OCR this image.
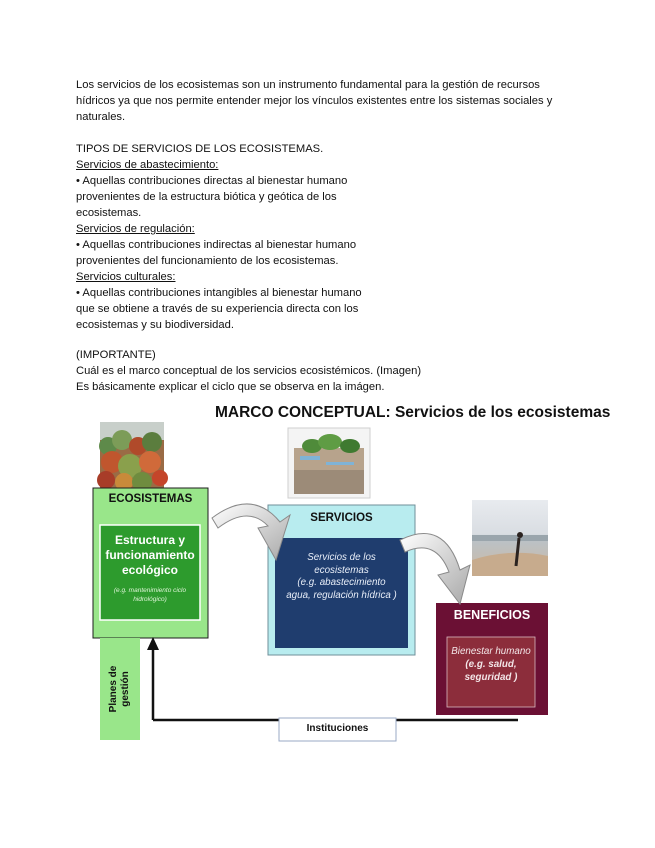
Los servicios de los ecosistemas son un instrumento fundamental para la gestión de recursos
hídricos ya que nos permite entender mejor los vínculos existentes entre los sistemas sociales y
naturales.
TIPOS DE SERVICIOS DE LOS ECOSISTEMAS.
Servicios de abastecimiento:
• Aquellas contribuciones directas al bienestar humano
provenientes de la estructura biótica y geótica de los
ecosistemas.
Servicios de regulación:
• Aquellas contribuciones indirectas al bienestar humano
provenientes del funcionamiento de los ecosistemas.
Servicios culturales:
• Aquellas contribuciones intangibles al bienestar humano
que se obtiene a través de su experiencia directa con los
ecosistemas y su biodiversidad.
(IMPORTANTE)
Cuál es el marco conceptual de los servicios ecosistémicos. (Imagen)
Es básicamente explicar el ciclo que se observa en la imágen.
MARCO CONCEPTUAL: Servicios de los ecosistemas
ECOSISTEMAS
Estructura y
funcionamiento
ecológico
(e.g. mantenimiento ciclo
hidrológico)
SERVICIOS
Servicios de los
ecosistemas
(e.g. abastecimiento
agua, regulación hídrica )
BENEFICIOS
Bienestar humano
(e.g. salud,
seguridad )
Planes de gestión
Instituciones
